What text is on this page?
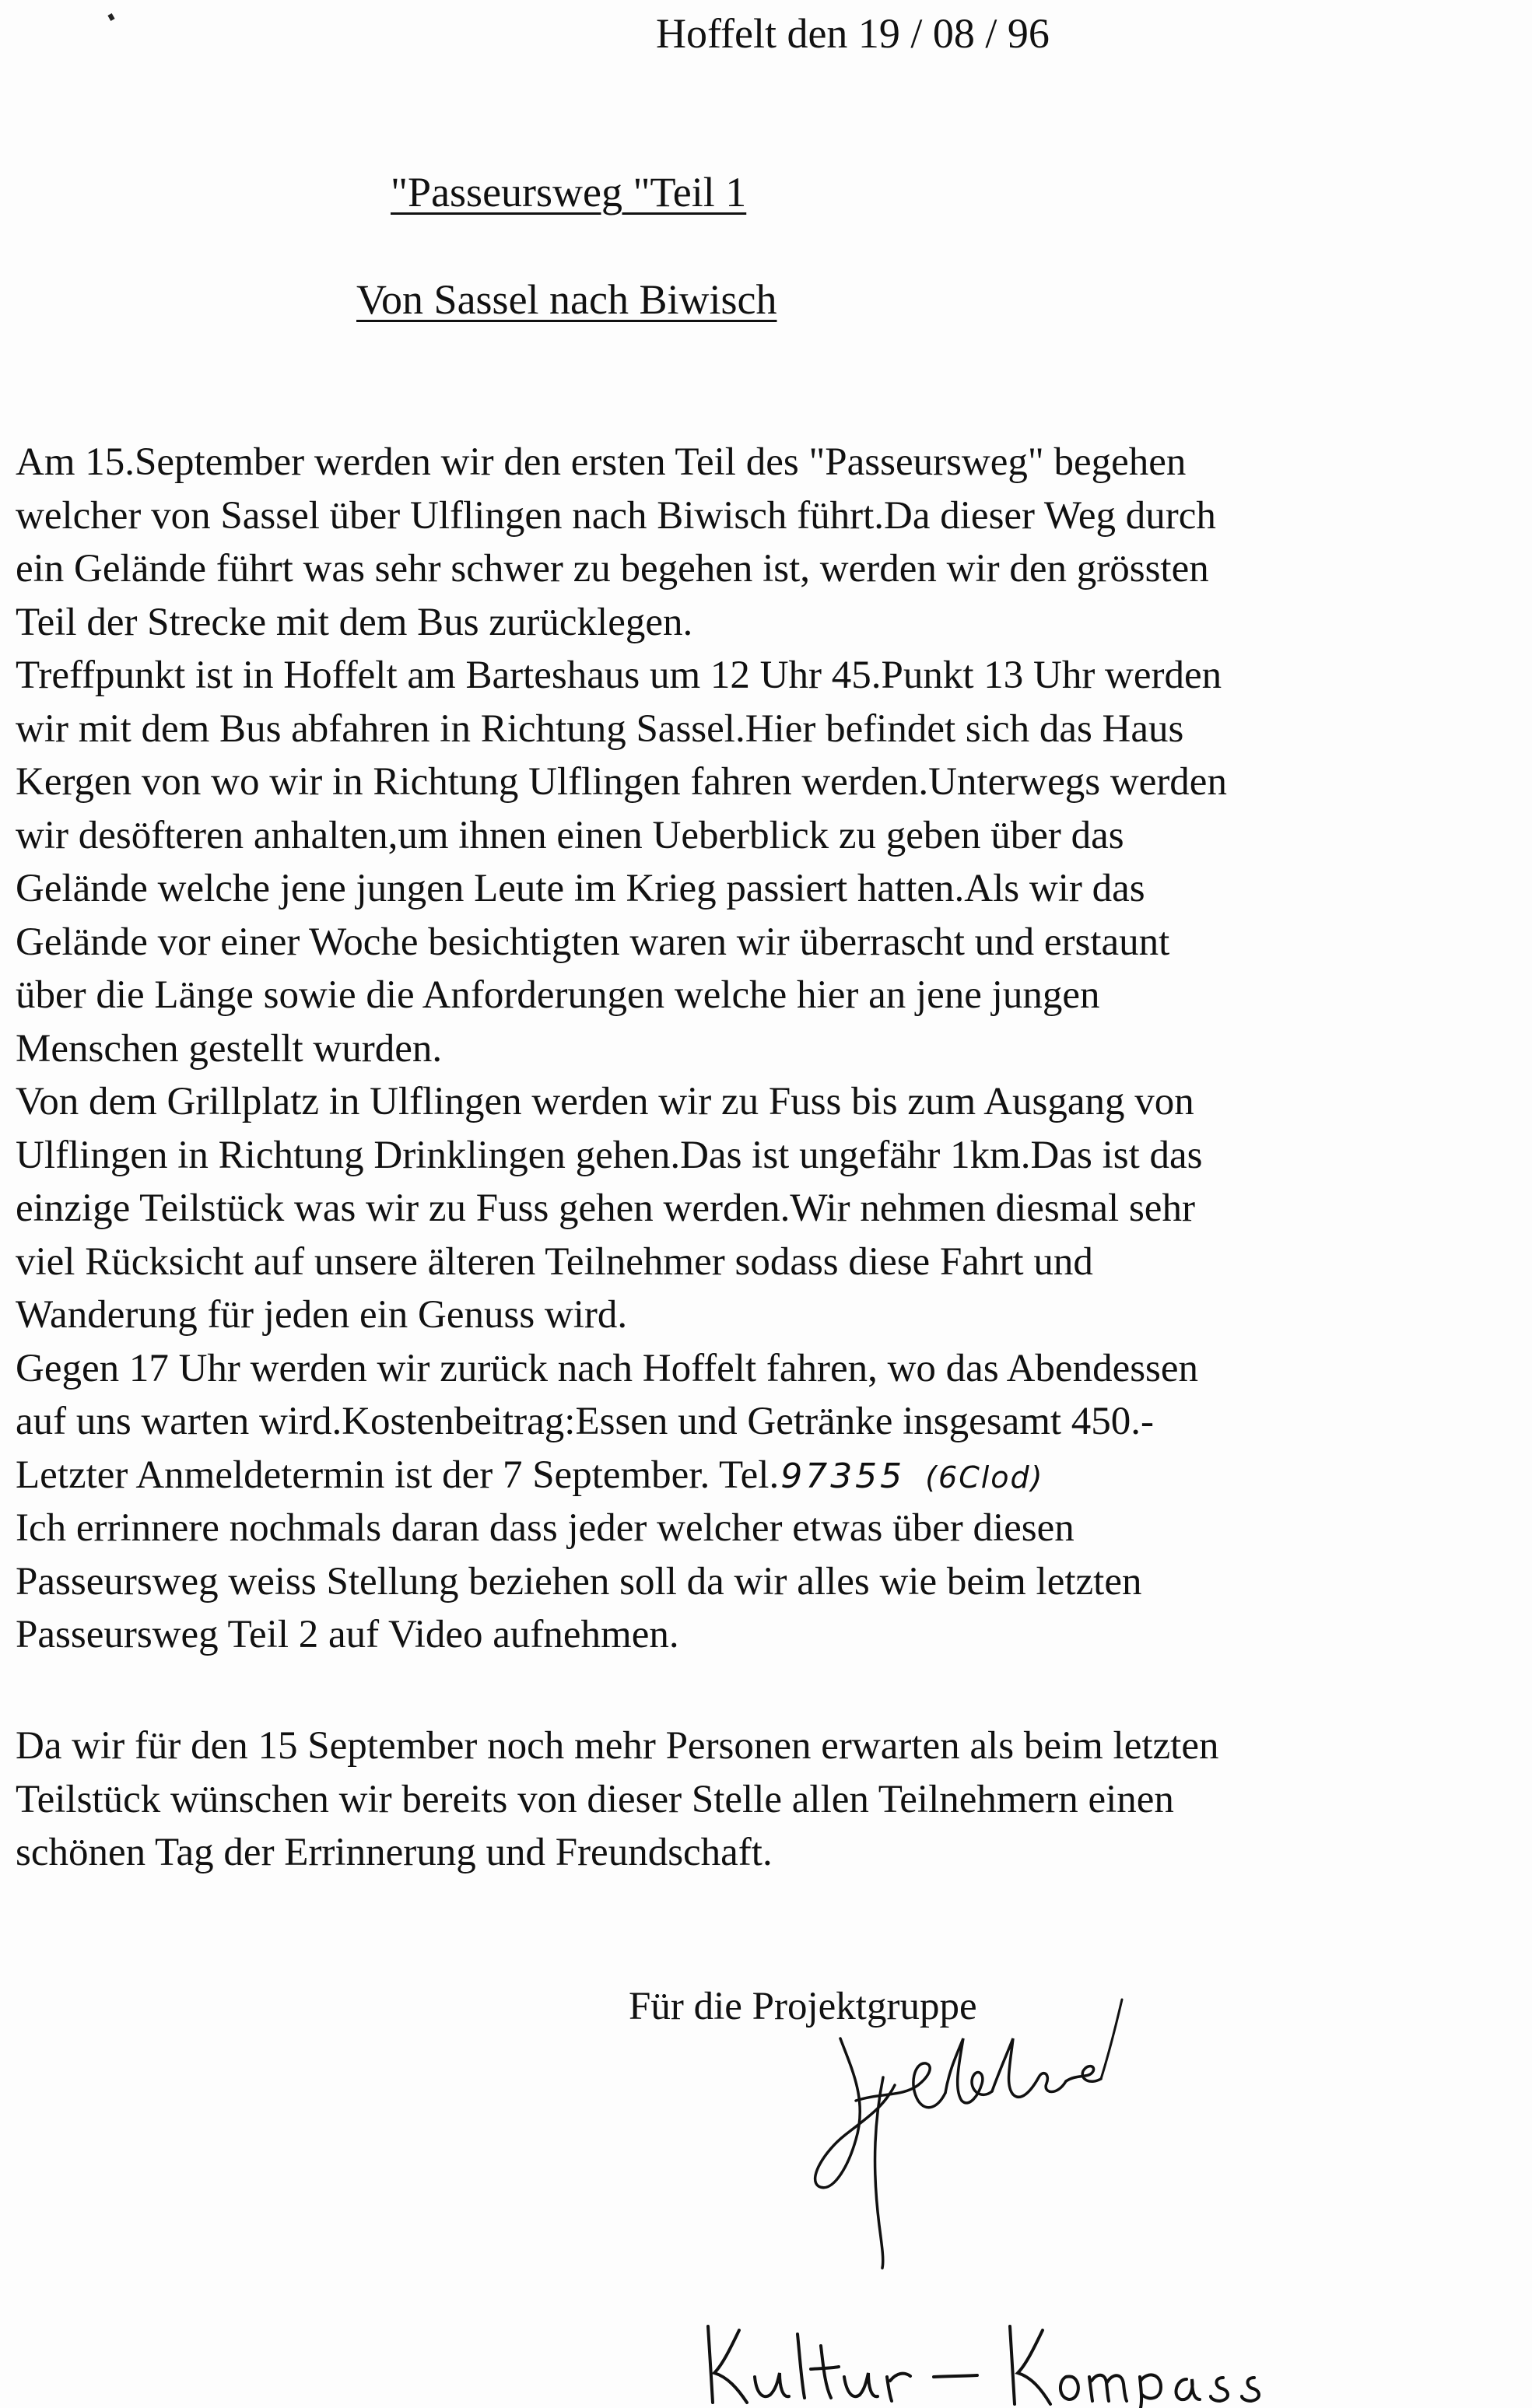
Hoffelt den 19 / 08 / 96
"Passeursweg "Teil 1
Von Sassel nach Biwisch
Am 15.September werden wir den ersten Teil des "Passeursweg" begehen
welcher von Sassel über Ulflingen nach Biwisch führt.Da dieser Weg durch
ein Gelände führt was sehr schwer zu begehen ist, werden wir den grössten
Teil der Strecke mit dem Bus zurücklegen.
Treffpunkt ist in Hoffelt am Barteshaus um 12 Uhr 45.Punkt 13 Uhr werden
wir mit dem Bus abfahren in Richtung Sassel.Hier befindet sich das Haus
Kergen von wo wir in Richtung Ulflingen fahren werden.Unterwegs werden
wir desöfteren anhalten,um ihnen einen Ueberblick zu geben über das
Gelände welche jene jungen Leute im Krieg passiert hatten.Als wir das
Gelände vor einer Woche besichtigten waren wir überrascht und erstaunt
über die Länge sowie die Anforderungen welche hier an jene jungen
Menschen gestellt wurden.
Von dem Grillplatz in Ulflingen werden wir zu Fuss bis zum Ausgang von
Ulflingen in Richtung Drinklingen gehen.Das ist ungefähr 1km.Das ist das
einzige Teilstück was wir zu Fuss gehen werden.Wir nehmen diesmal sehr
viel Rücksicht auf unsere älteren Teilnehmer sodass diese Fahrt und
Wanderung für jeden ein Genuss wird.
Gegen 17 Uhr werden wir zurück nach Hoffelt fahren, wo das Abendessen
auf uns warten wird.Kostenbeitrag:Essen und Getränke insgesamt 450.-
Letzter Anmeldetermin ist der 7 September. Tel.97355 (6Clod)
Ich errinnere nochmals daran dass jeder welcher etwas über diesen
Passeursweg weiss Stellung beziehen soll da wir alles wie beim letzten
Passeursweg Teil 2 auf Video aufnehmen.
Da wir für den 15 September noch mehr Personen erwarten als beim letzten
Teilstück wünschen wir bereits von dieser Stelle allen Teilnehmern einen
schönen Tag der Errinnerung und Freundschaft.
Für die Projektgruppe
